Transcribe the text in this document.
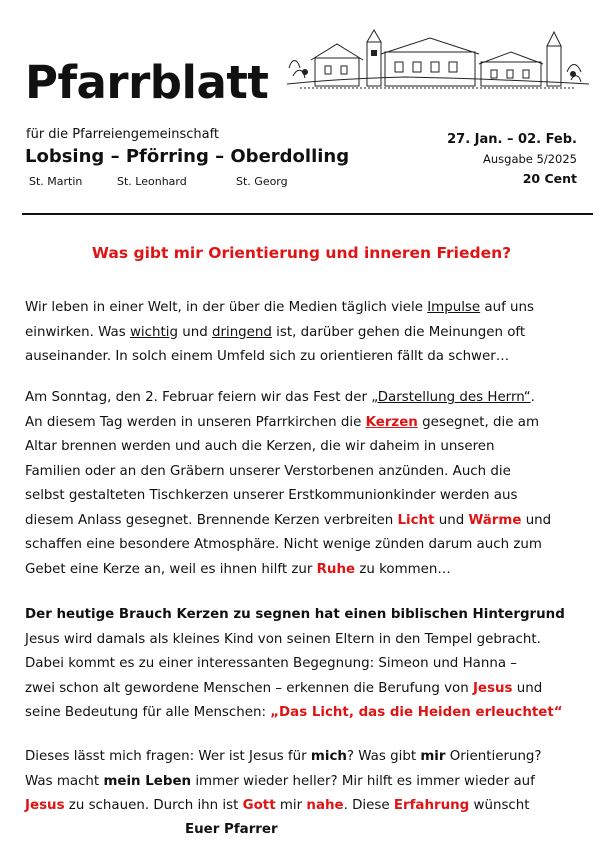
Pfarrblatt
für die Pfarreiengemeinschaft
Lobsing – Pförring – Oberdolling
St. Martin	St. Leonhard	St. Georg
27. Jan. – 02. Feb.
Ausgabe 5/2025
20 Cent
Was gibt mir Orientierung und inneren Frieden?

Wir leben in einer Welt, in der über die Medien täglich viele Impulse auf uns

einwirken. Was wichtig und dringend ist, darüber gehen die Meinungen oft

auseinander. In solch einem Umfeld sich zu orientieren fällt da schwer…

Am Sonntag, den 2. Februar feiern wir das Fest der „Darstellung des Herrn“.

An diesem Tag werden in unseren Pfarrkirchen die Kerzen gesegnet, die am

Altar brennen werden und auch die Kerzen, die wir daheim in unseren

Familien oder an den Gräbern unserer Verstorbenen anzünden. Auch die

selbst gestalteten Tischkerzen unserer Erstkommunionkinder werden aus

diesem Anlass gesegnet. Brennende Kerzen verbreiten Licht und Wärme und

schaffen eine besondere Atmosphäre. Nicht wenige zünden darum auch zum

Gebet eine Kerze an, weil es ihnen hilft zur Ruhe zu kommen…

Der heutige Brauch Kerzen zu segnen hat einen biblischen Hintergrund

Jesus wird damals als kleines Kind von seinen Eltern in den Tempel gebracht.

Dabei kommt es zu einer interessanten Begegnung: Simeon und Hanna –

zwei schon alt gewordene Menschen – erkennen die Berufung von Jesus und

seine Bedeutung für alle Menschen: „Das Licht, das die Heiden erleuchtet“

Dieses lässt mich fragen: Wer ist Jesus für mich? Was gibt mir Orientierung?

Was macht mein Leben immer wieder heller? Mir hilft es immer wieder auf

Jesus zu schauen. Durch ihn ist Gott mir nahe. Diese Erfahrung wünscht

Euer Pfarrer
